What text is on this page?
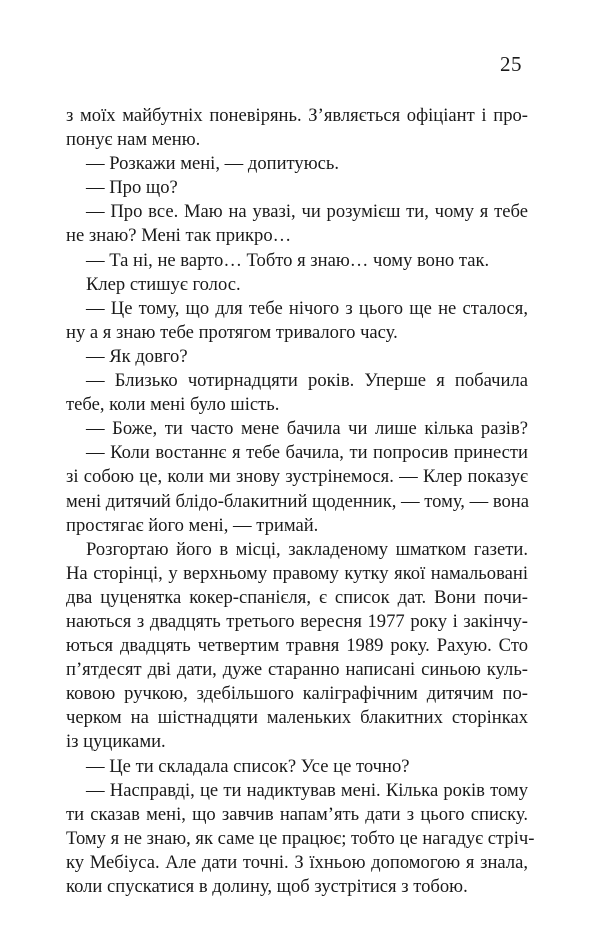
25
з моїх майбутніх поневірянь. З’являється офіціант і про-
понує нам меню.
— Розкажи мені, — допитуюсь.
— Про що?
— Про все. Маю на увазі, чи розумієш ти, чому я тебе
не знаю? Мені так прикро…
— Та ні, не варто… Тобто я знаю… чому воно так.
Клер стишує голос.
— Це тому, що для тебе нічого з цього ще не сталося,
ну а я знаю тебе протягом тривалого часу.
— Як довго?
— Близько чотирнадцяти років. Уперше я побачила
тебе, коли мені було шість.
— Боже, ти часто мене бачила чи лише кілька разів?
— Коли востаннє я тебе бачила, ти попросив принести
зі собою це, коли ми знову зустрінемося. — Клер показує
мені дитячий блідо-блакитний щоденник, — тому, — вона
простягає його мені, — тримай.
Розгортаю його в місці, закладеному шматком газети.
На сторінці, у верхньому правому кутку якої намальовані
два цуценятка кокер-спанієля, є список дат. Вони почи-
наються з двадцять третього вересня 1977 року і закінчу-
ються двадцять четвертим травня 1989 року. Рахую. Сто
п’ятдесят дві дати, дуже старанно написані синьою куль-
ковою ручкою, здебільшого каліграфічним дитячим по-
черком на шістнадцяти маленьких блакитних сторінках
із цуциками.
— Це ти складала список? Усе це точно?
— Насправді, це ти надиктував мені. Кілька років тому
ти сказав мені, що завчив напам’ять дати з цього списку.
Тому я не знаю, як саме це працює; тобто це нагадує стріч-
ку Мебіуса. Але дати точні. З їхньою допомогою я знала,
коли спускатися в долину, щоб зустрітися з тобою.
